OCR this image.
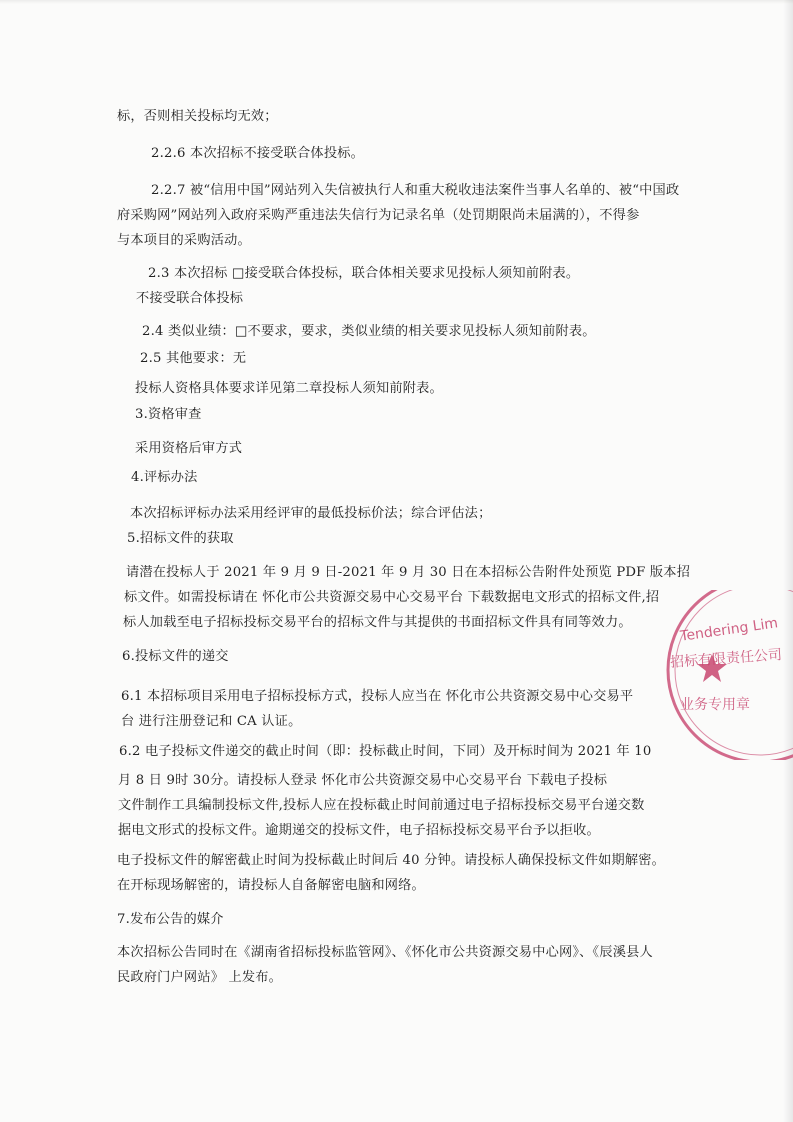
标，否则相关投标均无效；
2.2.6 本次招标不接受联合体投标。
2.2.7 被“信用中国”网站列入失信被执行人和重大税收违法案件当事人名单的、被“中国政
府采购网”网站列入政府采购严重违法失信行为记录名单（处罚期限尚未届满的），不得参
与本项目的采购活动。
2.3 本次招标 □接受联合体投标，联合体相关要求见投标人须知前附表。
不接受联合体投标
2.4 类似业绩：□不要求，要求，类似业绩的相关要求见投标人须知前附表。
2.5 其他要求：无
投标人资格具体要求详见第二章投标人须知前附表。
3.资格审查
采用资格后审方式
4.评标办法
本次招标评标办法采用经评审的最低投标价法；综合评估法；
5.招标文件的获取
请潜在投标人于 2021 年 9 月 9 日-2021 年 9 月 30 日在本招标公告附件处预览 PDF 版本招
标文件。如需投标请在 怀化市公共资源交易中心交易平台 下载数据电文形式的招标文件,招
标人加载至电子招标投标交易平台的招标文件与其提供的书面招标文件具有同等效力。
6.投标文件的递交
6.1 本招标项目采用电子招标投标方式，投标人应当在 怀化市公共资源交易中心交易平
台 进行注册登记和 CA 认证。
6.2 电子投标文件递交的截止时间（即：投标截止时间，下同）及开标时间为 2021 年 10
月 8 日 9时 30分。请投标人登录 怀化市公共资源交易中心交易平台 下载电子投标
文件制作工具编制投标文件,投标人应在投标截止时间前通过电子招标投标交易平台递交数
据电文形式的投标文件。逾期递交的投标文件，电子招标投标交易平台予以拒收。
电子投标文件的解密截止时间为投标截止时间后 40 分钟。请投标人确保投标文件如期解密。
在开标现场解密的，请投标人自备解密电脑和网络。
7.发布公告的媒介
本次招标公告同时在《湖南省招标投标监管网》、《怀化市公共资源交易中心网》、《辰溪县人
民政府门户网站》 上发布。
Tendering Lim
招标有限责任公司
业务专用章
